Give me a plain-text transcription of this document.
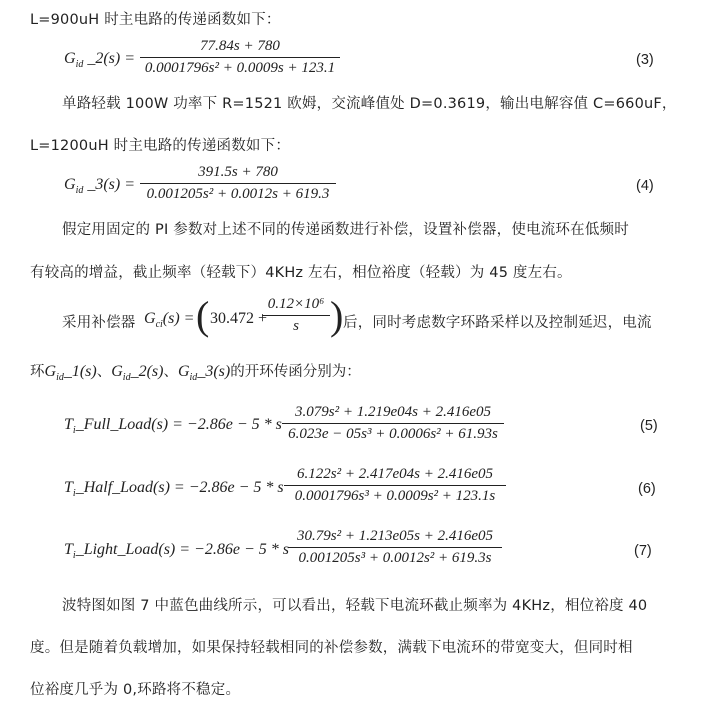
L=900uH 时主电路的传递函数如下：
$G_{id}$ _2(s) = $\frac{77.84s + 780}{\text{0.0001796s² + 0.0009s + 123.1}}$	(3)
单路轻载 100W 功率下 R=1521 欧姆，交流峰值处 D=0.3619，输出电解容值 C=660uF，
L=1200uH 时主电路的传递函数如下：
$G_{id}$ _3(s) = $\frac{391.5s + 780}{\text{0.001205s² + 0.0012s + 619.3}}$	(4)
假定用固定的 PI 参数对上述不同的传递函数进行补偿，设置补偿器，使电流环在低频时
有较高的增益，截止频率（轻载下）4KHz 左右，相位裕度（轻载）为 45 度左右。
采用补偿器 $G_{ci}(s)$ = ( 30.472 +
$\frac{\text{0.12×10⁶}}{s}$ ) 后，同时考虑数字环路采样以及控制延迟，电流
环$G_{id}\_1(s)$、$G_{id}\_2(s)$、$G_{id}\_3(s)$的开环传函分别为：
$T_i\_Full\_Load(s) = -2.86e - 5 * s \frac{\text{3.079s² + 1.219e04s + 2.416e05}}{\text{6.023e − 05s³ + 0.0006s² + 61.93s}}$	(5)
$T_i\_Half\_Load(s) = -2.86e - 5 * s \frac{\text{6.122s² + 2.417e04s + 2.416e05}}{\text{0.0001796s³ + 0.0009s² + 123.1s}}$	(6)
$T_i\_Light\_Load(s) = -2.86e - 5 * s \frac{\text{30.79s² + 1.213e05s + 2.416e05}}{\text{0.001205s³ + 0.0012s² + 619.3s}}$	(7)
波特图如图 7 中蓝色曲线所示，可以看出，轻载下电流环截止频率为 4KHz，相位裕度 40
度。但是随着负载增加，如果保持轻载相同的补偿参数，满载下电流环的带宽变大，但同时相
位裕度几乎为 0,环路将不稳定。
